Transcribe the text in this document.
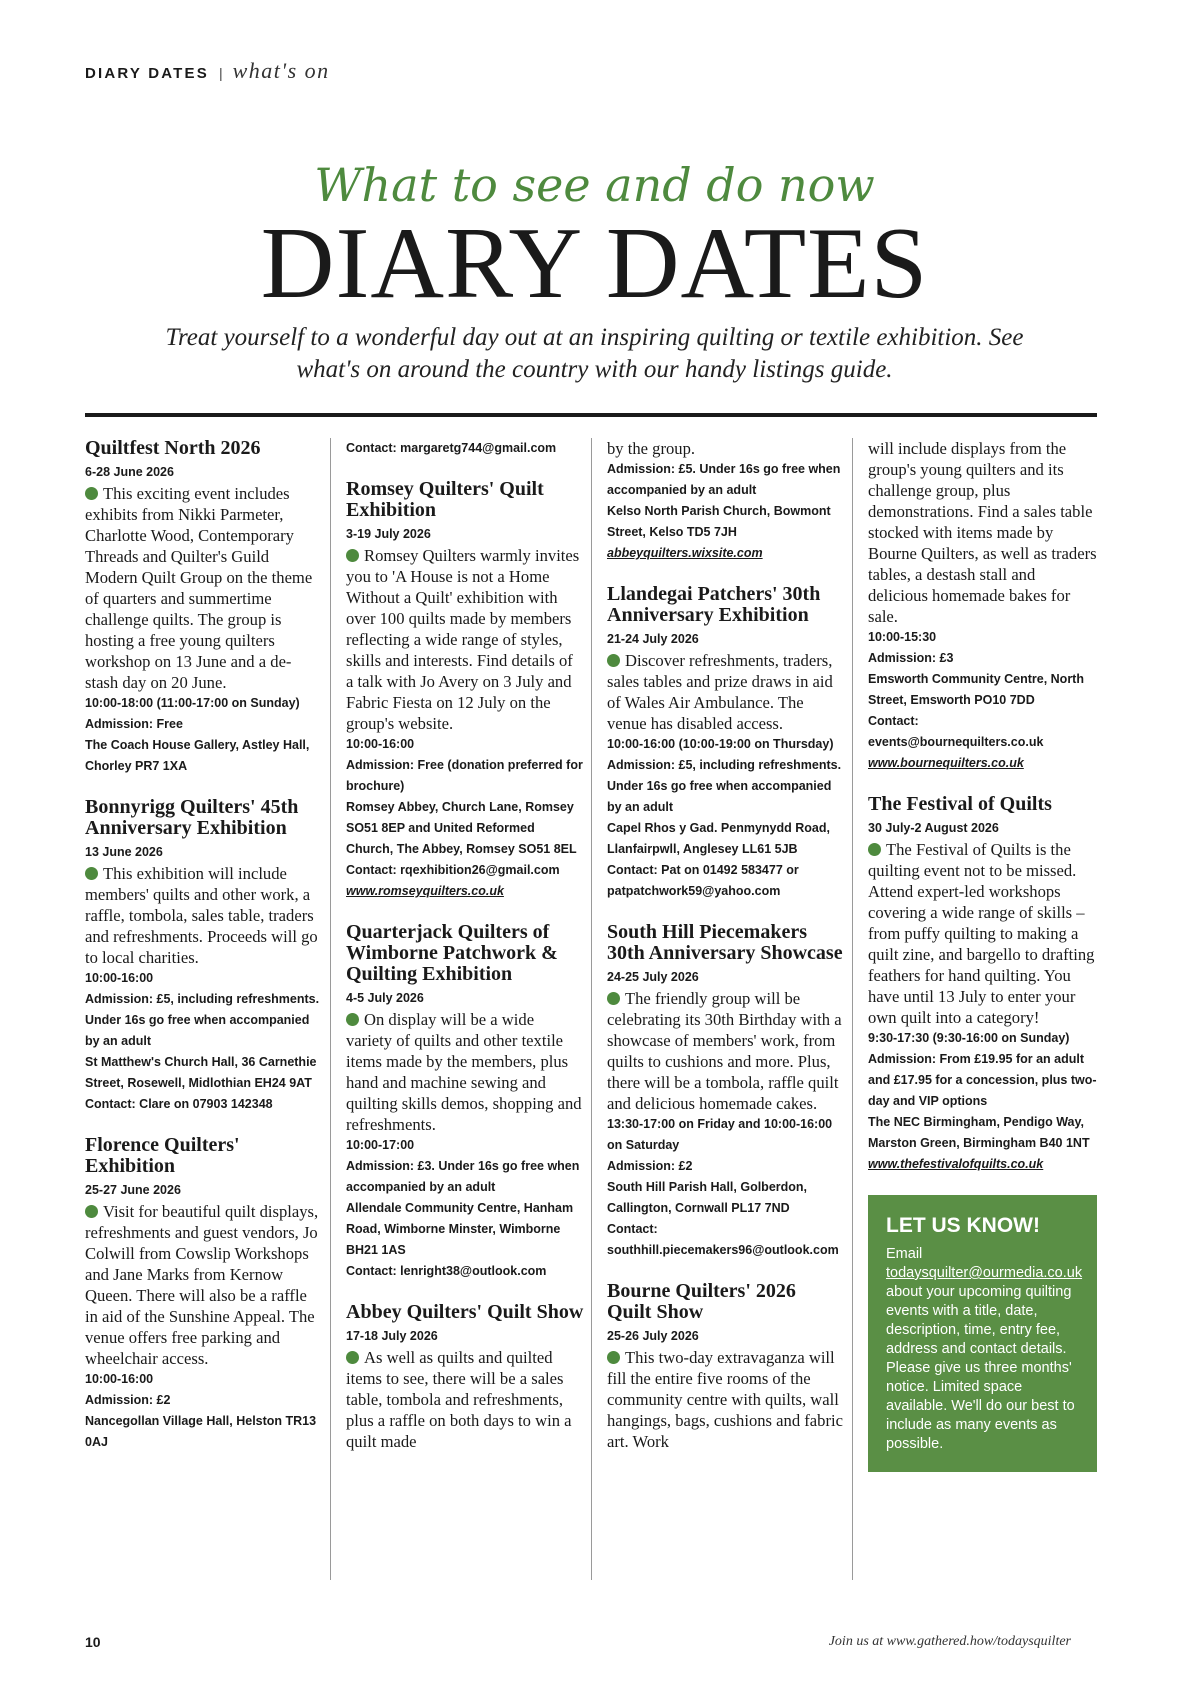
DIARY DATES | what's on
What to see and do now
DIARY DATES
Treat yourself to a wonderful day out at an inspiring quilting or textile exhibition. See what's on around the country with our handy listings guide.
Quiltfest North 2026
6-28 June 2026
This exciting event includes exhibits from Nikki Parmeter, Charlotte Wood, Contemporary Threads and Quilter's Guild Modern Quilt Group on the theme of quarters and summertime challenge quilts. The group is hosting a free young quilters workshop on 13 June and a de-stash day on 20 June.
10:00-18:00 (11:00-17:00 on Sunday)
Admission: Free
The Coach House Gallery, Astley Hall, Chorley PR7 1XA
Bonnyrigg Quilters' 45th Anniversary Exhibition
13 June 2026
This exhibition will include members' quilts and other work, a raffle, tombola, sales table, traders and refreshments. Proceeds will go to local charities.
10:00-16:00
Admission: £5, including refreshments. Under 16s go free when accompanied by an adult
St Matthew's Church Hall, 36 Carnethie Street, Rosewell, Midlothian EH24 9AT
Contact: Clare on 07903 142348
Florence Quilters' Exhibition
25-27 June 2026
Visit for beautiful quilt displays, refreshments and guest vendors, Jo Colwill from Cowslip Workshops and Jane Marks from Kernow Queen. There will also be a raffle in aid of the Sunshine Appeal. The venue offers free parking and wheelchair access.
10:00-16:00
Admission: £2
Nancegollan Village Hall, Helston TR13 0AJ
Contact: margaretg744@gmail.com
Romsey Quilters' Quilt Exhibition
3-19 July 2026
Romsey Quilters warmly invites you to 'A House is not a Home Without a Quilt' exhibition with over 100 quilts made by members reflecting a wide range of styles, skills and interests. Find details of a talk with Jo Avery on 3 July and Fabric Fiesta on 12 July on the group's website.
10:00-16:00
Admission: Free (donation preferred for brochure)
Romsey Abbey, Church Lane, Romsey SO51 8EP and United Reformed Church, The Abbey, Romsey SO51 8EL
Contact: rqexhibition26@gmail.com
www.romseyquilters.co.uk
Quarterjack Quilters of Wimborne Patchwork & Quilting Exhibition
4-5 July 2026
On display will be a wide variety of quilts and other textile items made by the members, plus hand and machine sewing and quilting skills demos, shopping and refreshments.
10:00-17:00
Admission: £3. Under 16s go free when accompanied by an adult
Allendale Community Centre, Hanham Road, Wimborne Minster, Wimborne BH21 1AS
Contact: lenright38@outlook.com
Abbey Quilters' Quilt Show
17-18 July 2026
As well as quilts and quilted items to see, there will be a sales table, tombola and refreshments, plus a raffle on both days to win a quilt made
by the group.
Admission: £5. Under 16s go free when accompanied by an adult
Kelso North Parish Church, Bowmont Street, Kelso TD5 7JH
abbeyquilters.wixsite.com
Llandegai Patchers' 30th Anniversary Exhibition
21-24 July 2026
Discover refreshments, traders, sales tables and prize draws in aid of Wales Air Ambulance. The venue has disabled access.
10:00-16:00 (10:00-19:00 on Thursday)
Admission: £5, including refreshments. Under 16s go free when accompanied by an adult
Capel Rhos y Gad. Penmynydd Road, Llanfairpwll, Anglesey LL61 5JB
Contact: Pat on 01492 583477 or patpatchwork59@yahoo.com
South Hill Piecemakers 30th Anniversary Showcase
24-25 July 2026
The friendly group will be celebrating its 30th Birthday with a showcase of members' work, from quilts to cushions and more. Plus, there will be a tombola, raffle quilt and delicious homemade cakes.
13:30-17:00 on Friday and 10:00-16:00 on Saturday
Admission: £2
South Hill Parish Hall, Golberdon, Callington, Cornwall PL17 7ND
Contact: southhill.piecemakers96@outlook.com
Bourne Quilters' 2026 Quilt Show
25-26 July 2026
This two-day extravaganza will fill the entire five rooms of the community centre with quilts, wall hangings, bags, cushions and fabric art. Work
will include displays from the group's young quilters and its challenge group, plus demonstrations. Find a sales table stocked with items made by Bourne Quilters, as well as traders tables, a destash stall and delicious homemade bakes for sale.
10:00-15:30
Admission: £3
Emsworth Community Centre, North Street, Emsworth PO10 7DD
Contact: events@bournequilters.co.uk
www.bournequilters.co.uk
The Festival of Quilts
30 July-2 August 2026
The Festival of Quilts is the quilting event not to be missed. Attend expert-led workshops covering a wide range of skills – from puffy quilting to making a quilt zine, and bargello to drafting feathers for hand quilting. You have until 13 July to enter your own quilt into a category!
9:30-17:30 (9:30-16:00 on Sunday)
Admission: From £19.95 for an adult and £17.95 for a concession, plus two-day and VIP options
The NEC Birmingham, Pendigo Way, Marston Green, Birmingham B40 1NT
www.thefestivalofquilts.co.uk
LET US KNOW!
Email todaysquilter@ourmedia.co.uk about your upcoming quilting events with a title, date, description, time, entry fee, address and contact details. Please give us three months' notice. Limited space available. We'll do our best to include as many events as possible.
10	Join us at www.gathered.how/todaysquilter
